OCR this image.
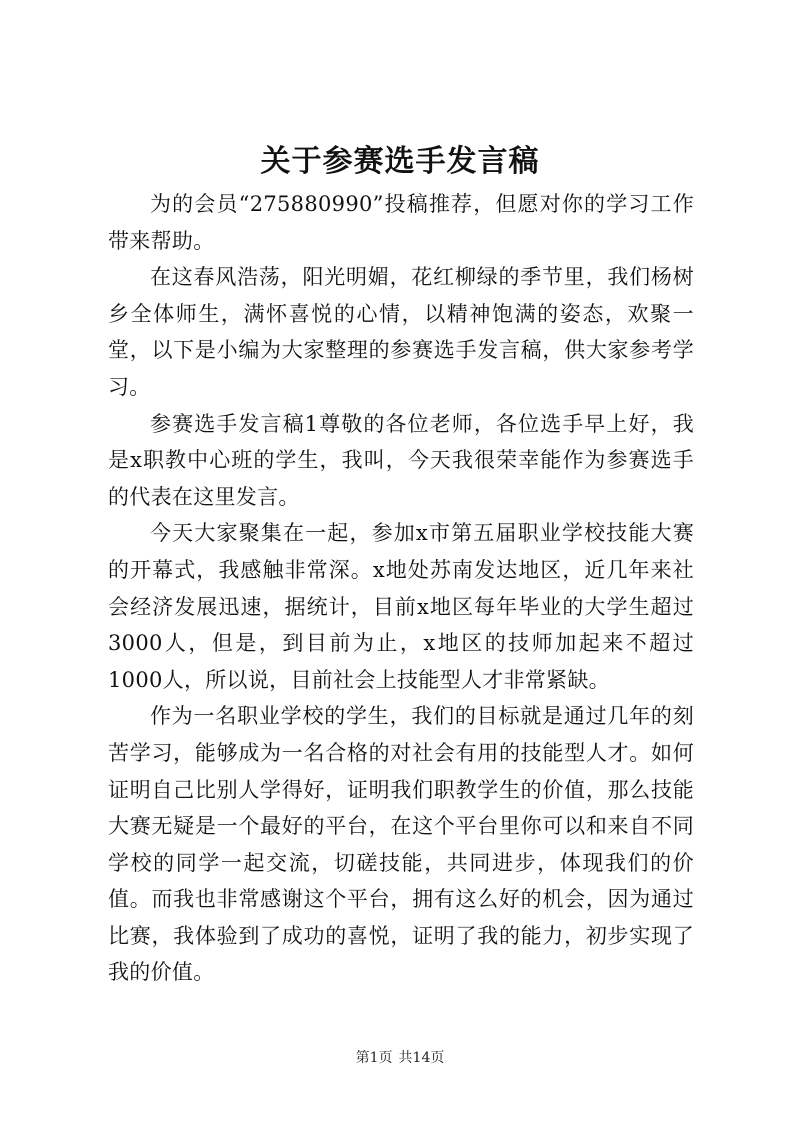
关于参赛选手发言稿

为的会员“275880990”投稿推荐，但愿对你的学习工作带来帮助。

在这春风浩荡，阳光明媚，花红柳绿的季节里，我们杨树乡全体师生，满怀喜悦的心情，以精神饱满的姿态，欢聚一堂，以下是小编为大家整理的参赛选手发言稿，供大家参考学习。

参赛选手发言稿1尊敬的各位老师，各位选手早上好，我是x职教中心班的学生，我叫，今天我很荣幸能作为参赛选手的代表在这里发言。

今天大家聚集在一起，参加x市第五届职业学校技能大赛的开幕式，我感触非常深。x地处苏南发达地区，近几年来社会经济发展迅速，据统计，目前x地区每年毕业的大学生超过3000人，但是，到目前为止，x地区的技师加起来不超过1000人，所以说，目前社会上技能型人才非常紧缺。

作为一名职业学校的学生，我们的目标就是通过几年的刻苦学习，能够成为一名合格的对社会有用的技能型人才。如何证明自己比别人学得好，证明我们职教学生的价值，那么技能大赛无疑是一个最好的平台，在这个平台里你可以和来自不同学校的同学一起交流，切磋技能，共同进步，体现我们的价值。而我也非常感谢这个平台，拥有这么好的机会，因为通过比赛，我体验到了成功的喜悦，证明了我的能力，初步实现了我的价值。

第1页 共14页
